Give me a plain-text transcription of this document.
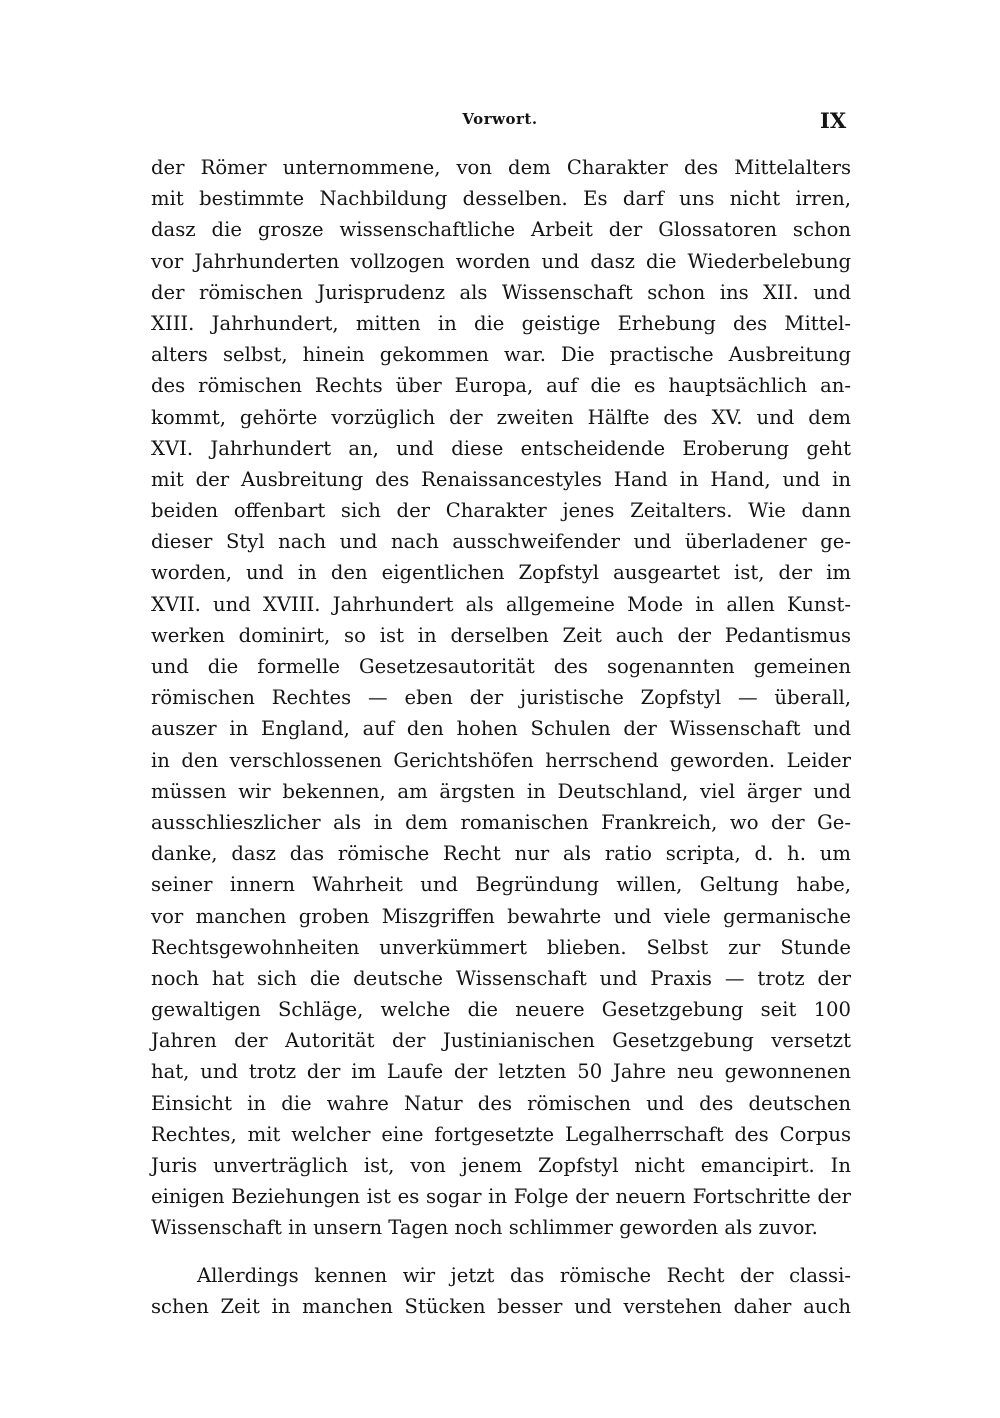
Vorwort.	IX
der Römer unternommene, von dem Charakter des Mittelalters
mit bestimmte Nachbildung desselben. Es darf uns nicht irren,
dasz die grosze wissenschaftliche Arbeit der Glossatoren schon
vor Jahrhunderten vollzogen worden und dasz die Wiederbelebung
der römischen Jurisprudenz als Wissenschaft schon ins XII. und
XIII. Jahrhundert, mitten in die geistige Erhebung des Mittel-
alters selbst, hinein gekommen war. Die practische Ausbreitung
des römischen Rechts über Europa, auf die es hauptsächlich an-
kommt, gehörte vorzüglich der zweiten Hälfte des XV. und dem
XVI. Jahrhundert an, und diese entscheidende Eroberung geht
mit der Ausbreitung des Renaissancestyles Hand in Hand, und in
beiden offenbart sich der Charakter jenes Zeitalters. Wie dann
dieser Styl nach und nach ausschweifender und überladener ge-
worden, und in den eigentlichen Zopfstyl ausgeartet ist, der im
XVII. und XVIII. Jahrhundert als allgemeine Mode in allen Kunst-
werken dominirt, so ist in derselben Zeit auch der Pedantismus
und die formelle Gesetzesautorität des sogenannten gemeinen
römischen Rechtes — eben der juristische Zopfstyl — überall,
auszer in England, auf den hohen Schulen der Wissenschaft und
in den verschlossenen Gerichtshöfen herrschend geworden. Leider
müssen wir bekennen, am ärgsten in Deutschland, viel ärger und
ausschlieszlicher als in dem romanischen Frankreich, wo der Ge-
danke, dasz das römische Recht nur als ratio scripta, d. h. um
seiner innern Wahrheit und Begründung willen, Geltung habe,
vor manchen groben Miszgriffen bewahrte und viele germanische
Rechtsgewohnheiten unverkümmert blieben. Selbst zur Stunde
noch hat sich die deutsche Wissenschaft und Praxis — trotz der
gewaltigen Schläge, welche die neuere Gesetzgebung seit 100
Jahren der Autorität der Justinianischen Gesetzgebung versetzt
hat, und trotz der im Laufe der letzten 50 Jahre neu gewonnenen
Einsicht in die wahre Natur des römischen und des deutschen
Rechtes, mit welcher eine fortgesetzte Legalherrschaft des Corpus
Juris unverträglich ist, von jenem Zopfstyl nicht emancipirt. In
einigen Beziehungen ist es sogar in Folge der neuern Fortschritte der
Wissenschaft in unsern Tagen noch schlimmer geworden als zuvor.
Allerdings kennen wir jetzt das römische Recht der classi-
schen Zeit in manchen Stücken besser und verstehen daher auch
